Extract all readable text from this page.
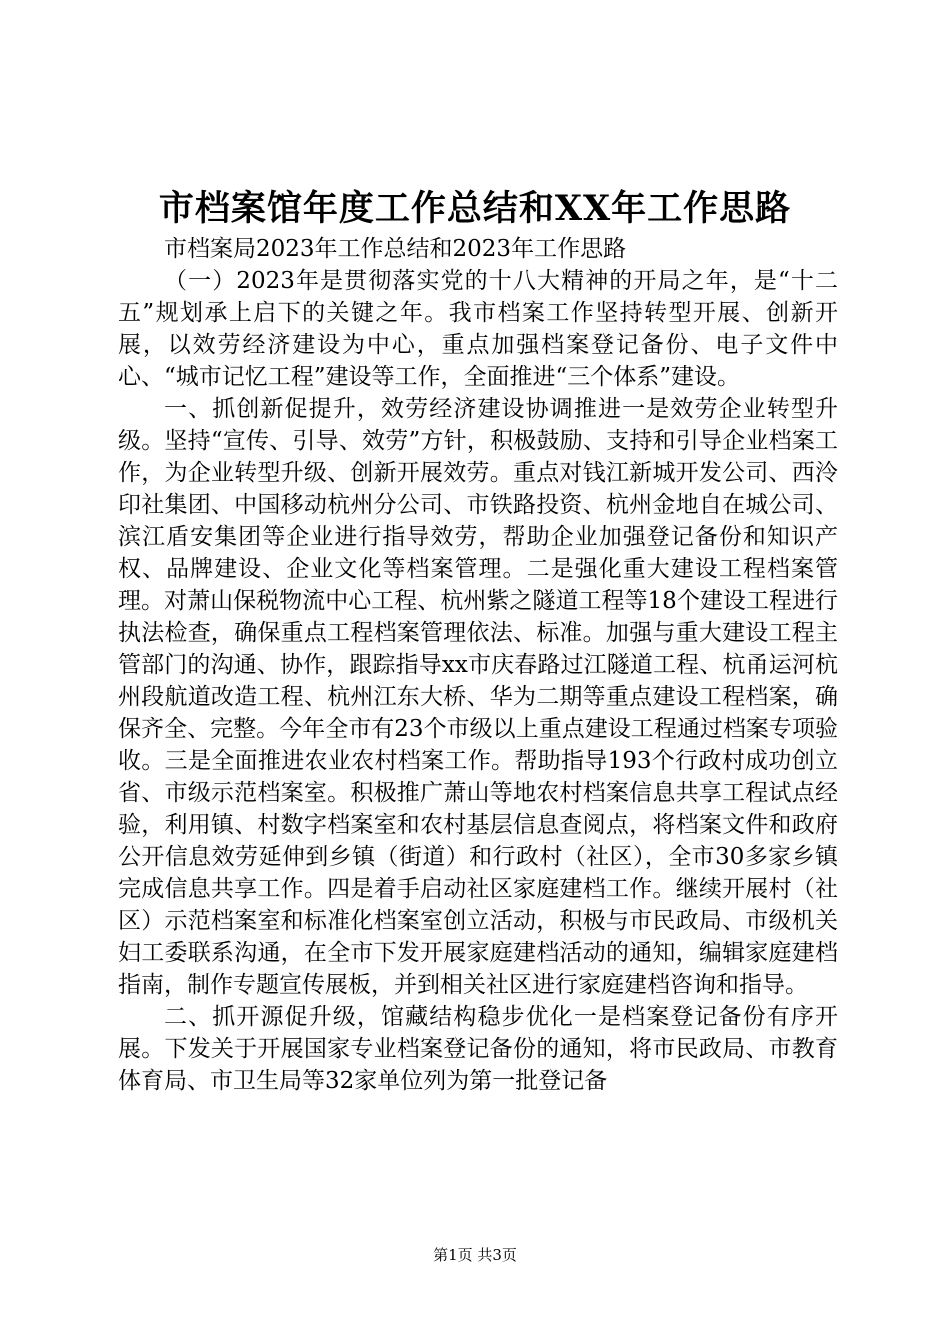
市档案馆年度工作总结和XX年工作思路

市档案局2023年工作总结和2023年工作思路

（一）2023年是贯彻落实党的十八大精神的开局之年，是“十二五”规划承上启下的关键之年。我市档案工作坚持转型开展、创新开展，以效劳经济建设为中心，重点加强档案登记备份、电子文件中心、“城市记忆工程”建设等工作，全面推进“三个体系”建设。

一、抓创新促提升，效劳经济建设协调推进一是效劳企业转型升级。坚持“宣传、引导、效劳”方针，积极鼓励、支持和引导企业档案工作，为企业转型升级、创新开展效劳。重点对钱江新城开发公司、西泠印社集团、中国移动杭州分公司、市铁路投资、杭州金地自在城公司、滨江盾安集团等企业进行指导效劳，帮助企业加强登记备份和知识产权、品牌建设、企业文化等档案管理。二是强化重大建设工程档案管理。对萧山保税物流中心工程、杭州紫之隧道工程等18个建设工程进行执法检查，确保重点工程档案管理依法、标准。加强与重大建设工程主管部门的沟通、协作，跟踪指导xx市庆春路过江隧道工程、杭甬运河杭州段航道改造工程、杭州江东大桥、华为二期等重点建设工程档案，确保齐全、完整。今年全市有23个市级以上重点建设工程通过档案专项验收。三是全面推进农业农村档案工作。帮助指导193个行政村成功创立省、市级示范档案室。积极推广萧山等地农村档案信息共享工程试点经验，利用镇、村数字档案室和农村基层信息查阅点，将档案文件和政府公开信息效劳延伸到乡镇（街道）和行政村（社区），全市30多家乡镇完成信息共享工作。四是着手启动社区家庭建档工作。继续开展村（社区）示范档案室和标准化档案室创立活动，积极与市民政局、市级机关妇工委联系沟通，在全市下发开展家庭建档活动的通知，编辑家庭建档指南，制作专题宣传展板，并到相关社区进行家庭建档咨询和指导。

二、抓开源促升级，馆藏结构稳步优化一是档案登记备份有序开展。下发关于开展国家专业档案登记备份的通知，将市民政局、市教育体育局、市卫生局等32家单位列为第一批登记备

第1页 共3页
